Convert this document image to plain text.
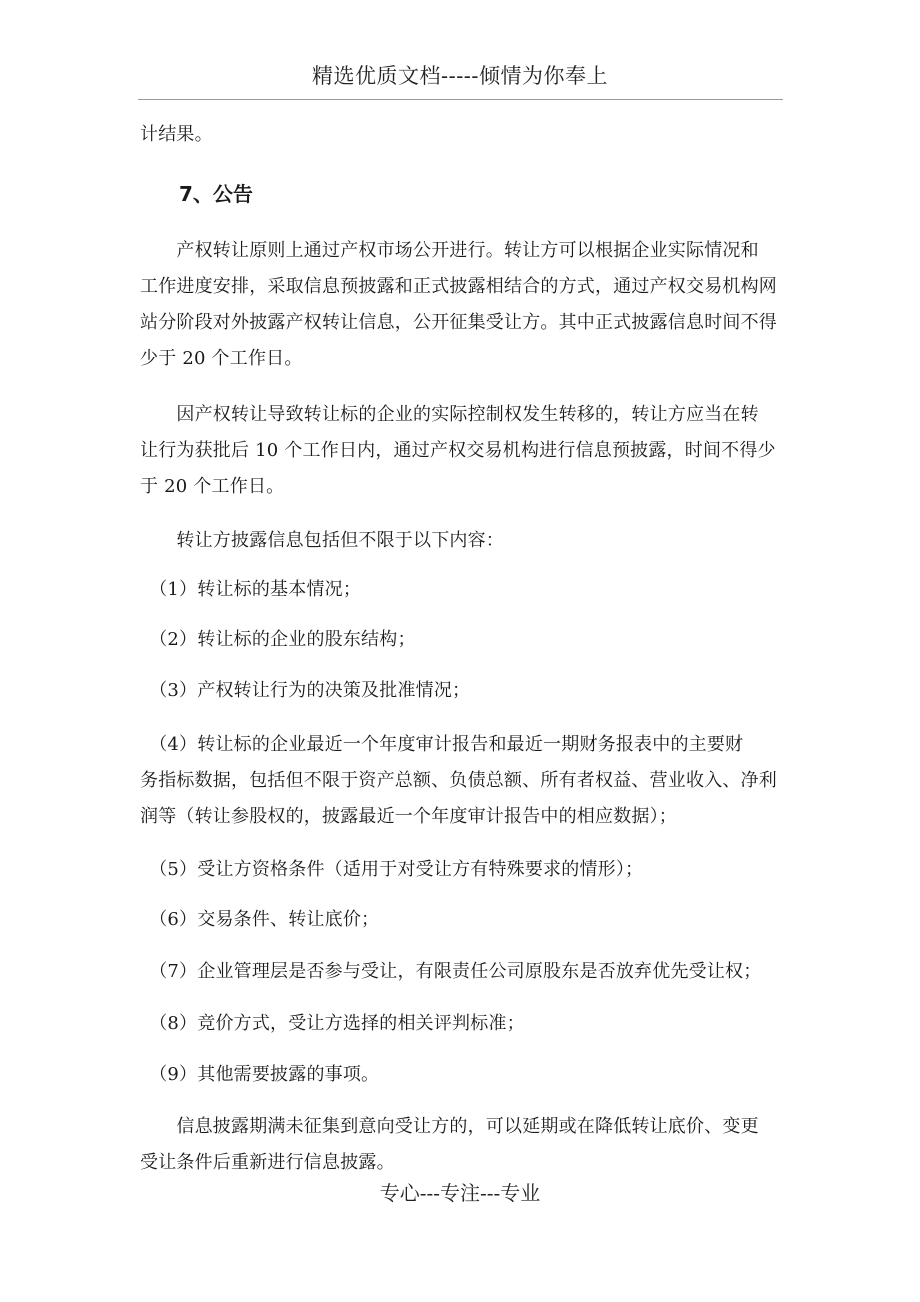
精选优质文档-----倾情为你奉上
计结果。
7、公告
　　产权转让原则上通过产权市场公开进行。转让方可以根据企业实际情况和
工作进度安排，采取信息预披露和正式披露相结合的方式，通过产权交易机构网
站分阶段对外披露产权转让信息，公开征集受让方。其中正式披露信息时间不得
少于 20 个工作日。
　　因产权转让导致转让标的企业的实际控制权发生转移的，转让方应当在转
让行为获批后 10 个工作日内，通过产权交易机构进行信息预披露，时间不得少
于 20 个工作日。
　　转让方披露信息包括但不限于以下内容：
　（1）转让标的基本情况；
　（2）转让标的企业的股东结构；
　（3）产权转让行为的决策及批准情况；
　（4）转让标的企业最近一个年度审计报告和最近一期财务报表中的主要财
务指标数据，包括但不限于资产总额、负债总额、所有者权益、营业收入、净利
润等（转让参股权的，披露最近一个年度审计报告中的相应数据）；
　（5）受让方资格条件（适用于对受让方有特殊要求的情形）；
　（6）交易条件、转让底价；
　（7）企业管理层是否参与受让，有限责任公司原股东是否放弃优先受让权；
　（8）竞价方式，受让方选择的相关评判标准；
　（9）其他需要披露的事项。
　　信息披露期满未征集到意向受让方的，可以延期或在降低转让底价、变更
受让条件后重新进行信息披露。
专心---专注---专业
